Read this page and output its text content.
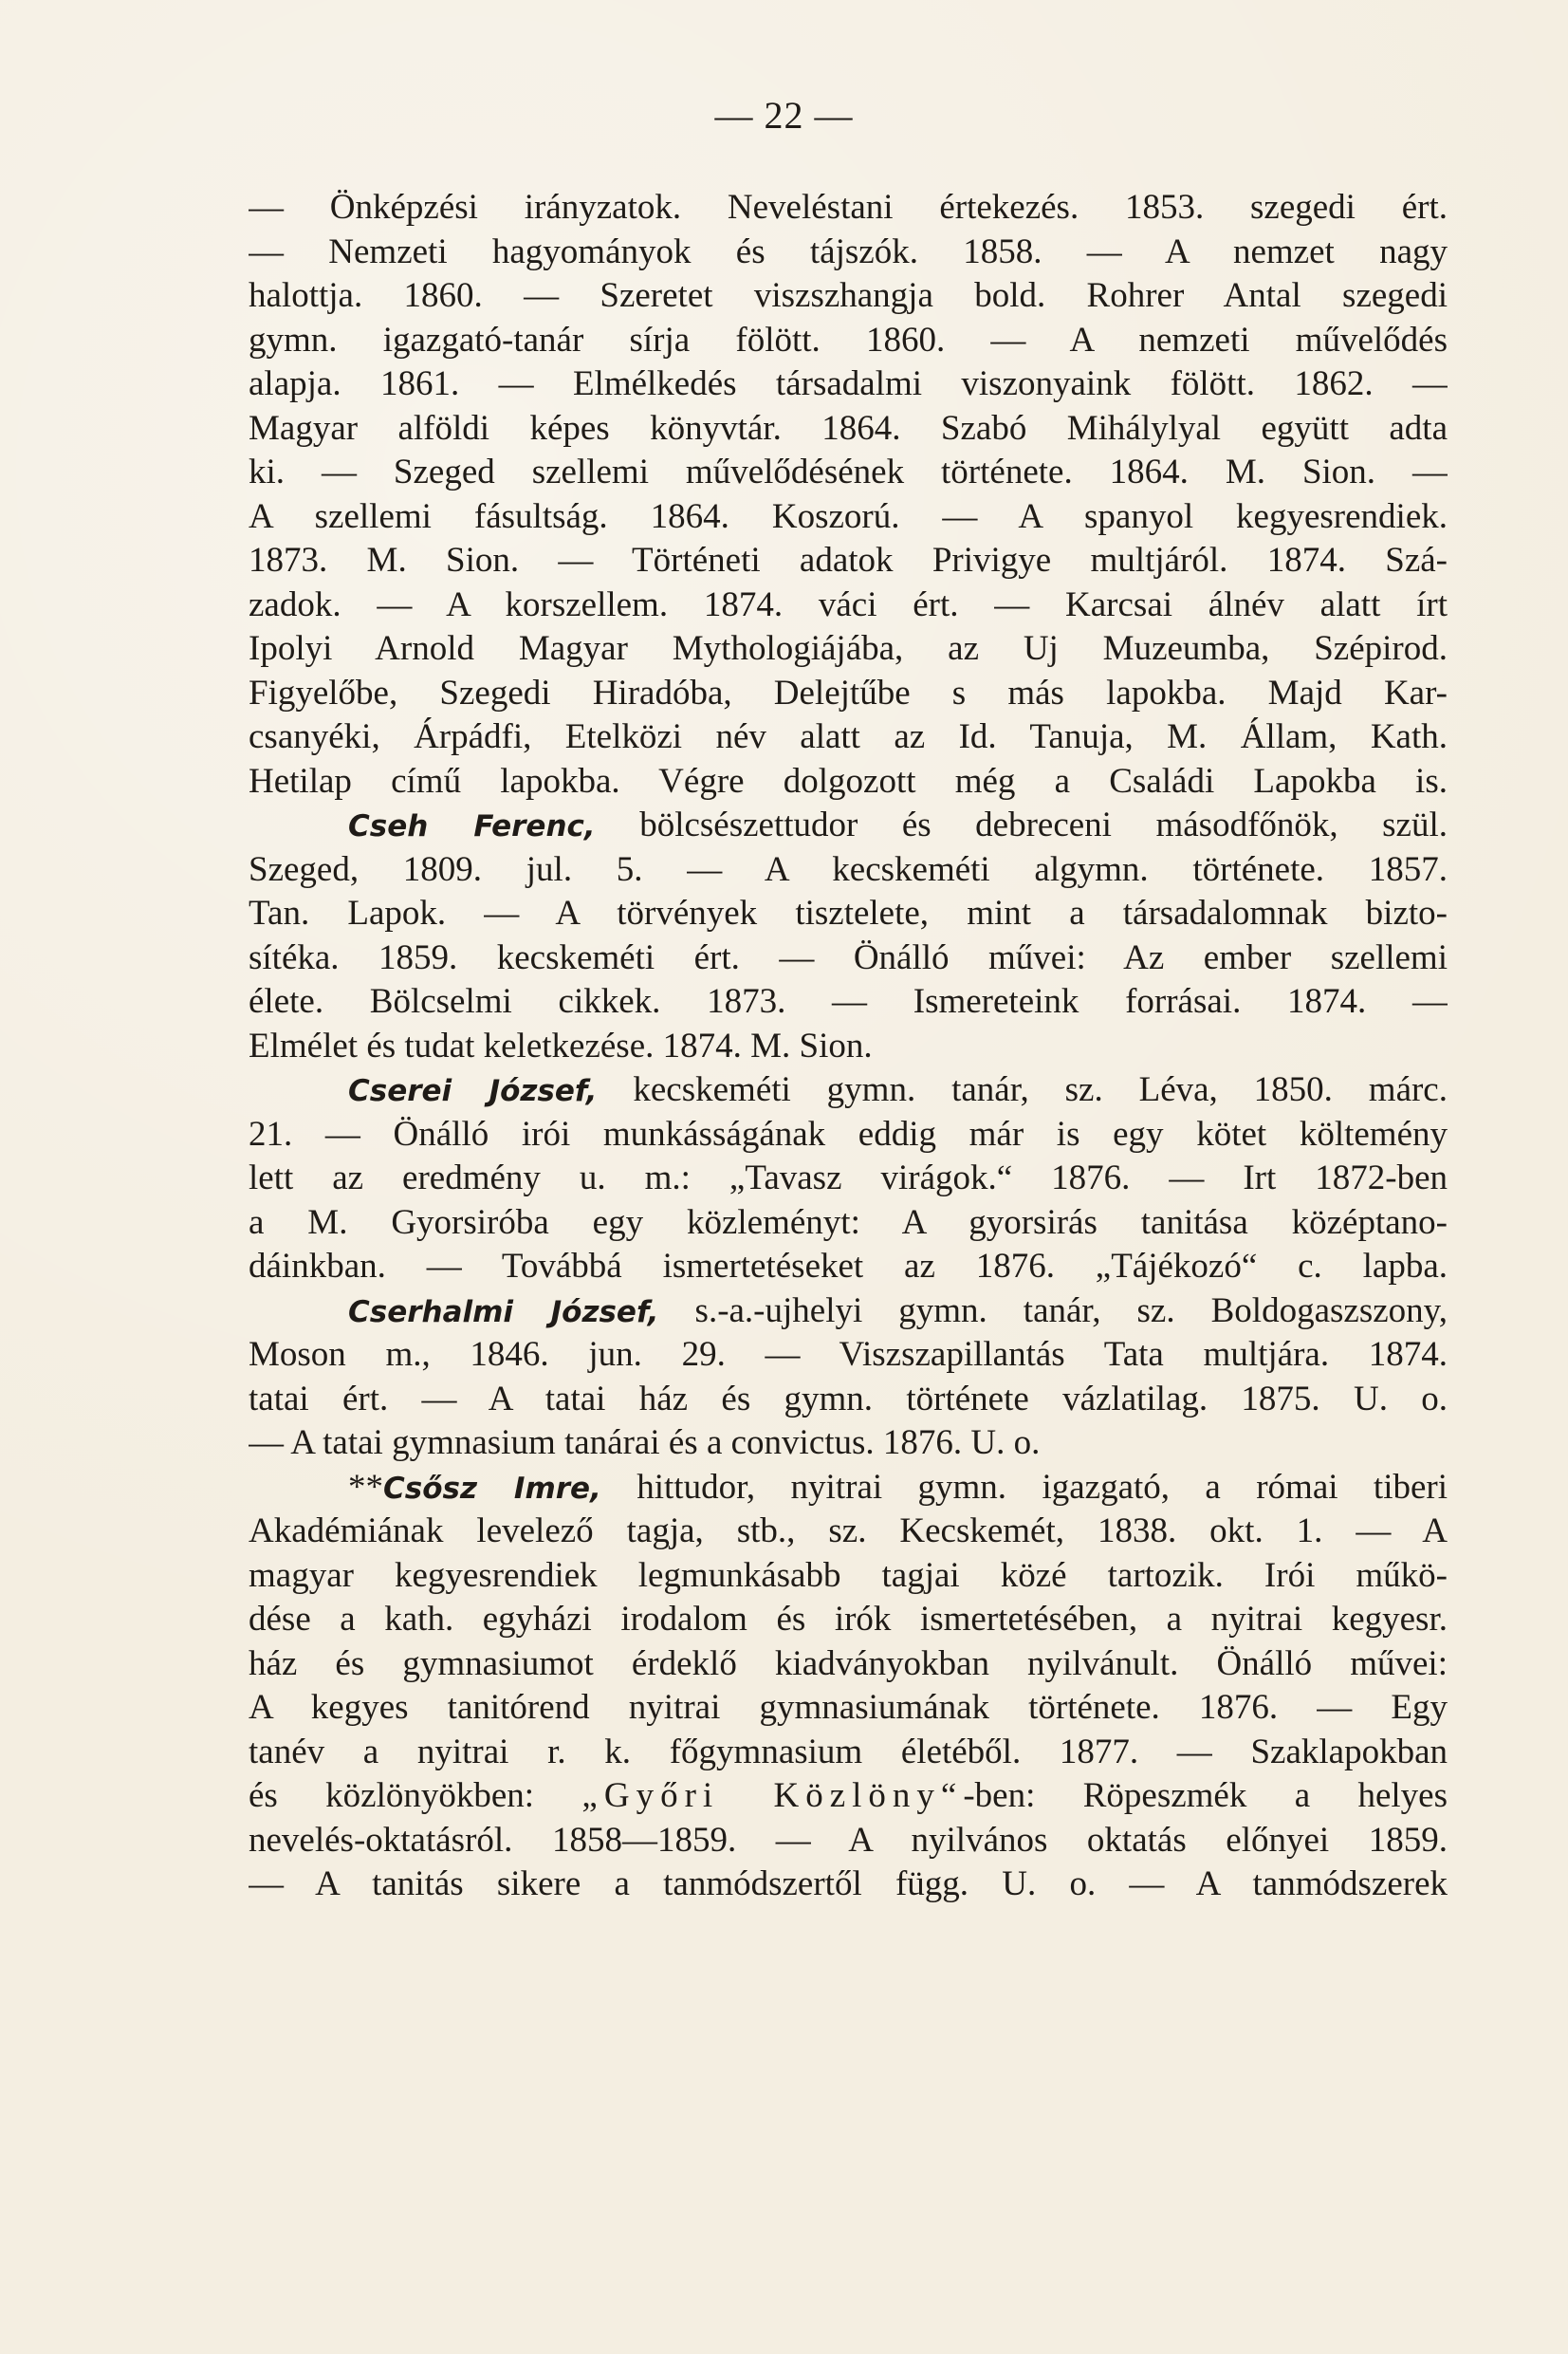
— 22 —
— Önképzési irányzatok. Neveléstani értekezés. 1853. szegedi ért.
— Nemzeti hagyományok és tájszók. 1858. — A nemzet nagy
halottja. 1860. — Szeretet viszszhangja bold. Rohrer Antal szegedi
gymn. igazgató-tanár sírja fölött. 1860. — A nemzeti művelődés
alapja. 1861. — Elmélkedés társadalmi viszonyaink fölött. 1862. —
Magyar alföldi képes könyvtár. 1864. Szabó Mihálylyal együtt adta
ki. — Szeged szellemi művelődésének története. 1864. M. Sion. —
A szellemi fásultság. 1864. Koszorú. — A spanyol kegyesrendiek.
1873. M. Sion. — Történeti adatok Privigye multjáról. 1874. Szá-
zadok. — A korszellem. 1874. váci ért. — Karcsai álnév alatt írt
Ipolyi Arnold Magyar Mythologiájába, az Uj Muzeumba, Szépirod.
Figyelőbe, Szegedi Hiradóba, Delejtűbe s más lapokba. Majd Kar-
csanyéki, Árpádfi, Etelközi név alatt az Id. Tanuja, M. Állam, Kath.
Hetilap című lapokba. Végre dolgozott még a Családi Lapokba is.
Cseh Ferenc, bölcsészettudor és debreceni másodfőnök, szül.
Szeged, 1809. jul. 5. — A kecskeméti algymn. története. 1857.
Tan. Lapok. — A törvények tisztelete, mint a társadalomnak bizto-
sítéka. 1859. kecskeméti ért. — Önálló művei: Az ember szellemi
élete. Bölcselmi cikkek. 1873. — Ismereteink forrásai. 1874. —
Elmélet és tudat keletkezése. 1874. M. Sion.
Cserei József, kecskeméti gymn. tanár, sz. Léva, 1850. márc.
21. — Önálló irói munkásságának eddig már is egy kötet költemény
lett az eredmény u. m.: „Tavasz virágok.“ 1876. — Irt 1872-ben
a M. Gyorsiróba egy közleményt: A gyorsirás tanitása középtano-
dáinkban. — Továbbá ismertetéseket az 1876. „Tájékozó“ c. lapba.
Cserhalmi József, s.-a.-ujhelyi gymn. tanár, sz. Boldogaszszony,
Moson m., 1846. jun. 29. — Viszszapillantás Tata multjára. 1874.
tatai ért. — A tatai ház és gymn. története vázlatilag. 1875. U. o.
— A tatai gymnasium tanárai és a convictus. 1876. U. o.
**Csősz Imre, hittudor, nyitrai gymn. igazgató, a római tiberi
Akadémiának levelező tagja, stb., sz. Kecskemét, 1838. okt. 1. — A
magyar kegyesrendiek legmunkásabb tagjai közé tartozik. Irói műkö-
dése a kath. egyházi irodalom és irók ismertetésében, a nyitrai kegyesr.
ház és gymnasiumot érdeklő kiadványokban nyilvánult. Önálló művei:
A kegyes tanitórend nyitrai gymnasiumának története. 1876. — Egy
tanév a nyitrai r. k. főgymnasium életéből. 1877. — Szaklapokban
és közlönyökben: „Győri Közlöny“-ben: Röpeszmék a helyes
nevelés-oktatásról. 1858—1859. — A nyilvános oktatás előnyei 1859.
— A tanitás sikere a tanmódszertől függ. U. o. — A tanmódszerek
